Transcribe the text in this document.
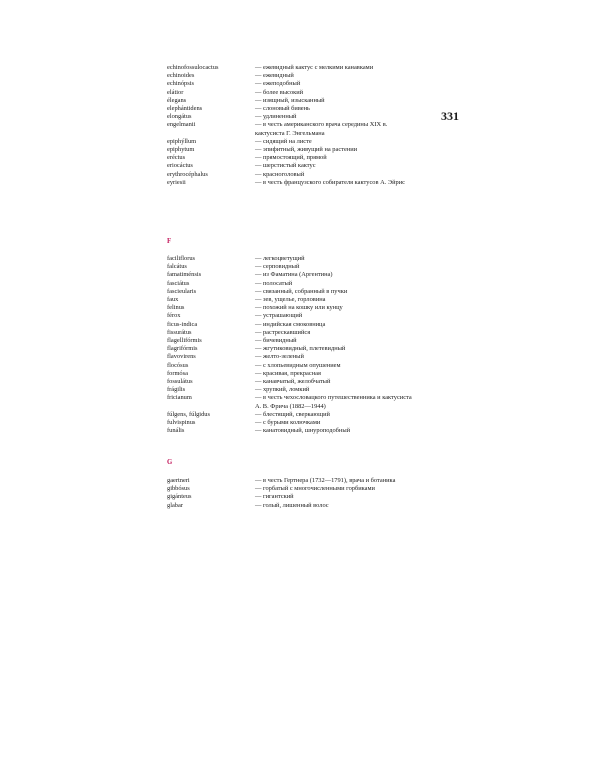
331
echinofossulocactus	— ежевидный кактус с мелкими канавками
echinoides	— ежевидный
echinópsis	— ежеподобный
elátior	— более высокий
élegans	— изящный, изысканный
elephántidens	— слоновый бивень
elongátus	— удлиненный
engelmanii	— в честь американского врача середины XIX в. кактусиста Г. Энгельмана
epiphýllum	— сидящий на листе
epiphytum	— эпифитный, живущий на растении
eréctus	— прямостоящий, прямой
eriocáctus	— шерстистый кактус
erythrocéphalus	— красноголовый
eyriesii	— в честь французского собирателя кактусов А. Эйрис
F
faciliflorus	— легкоцветущий
falcátus	— серповидный
famatiménsis	— из Фаматина (Аргентина)
fasciátus	— полосатый
fascieularis	— связанный, собранный в пучки
faux	— зев, ущелье, горловина
felinus	— похожий на кошку или кунцу
férox	— устрашающий
ficus-indica	— индийская смоковница
fissurátus	— растрескавшийся
flagellifórmis	— бичевидный
flagrifórmis	— жгутиковидный, плетевидный
flavovirens	— желто-зеленый
flocósus	— с хлопьевидным опушением
formósa	— красивая, прекрасная
fossulátus	— канавчатый, желобчатый
frágilis	— хрупкий, ломкий
fricianum	— в честь чехословацкого путешественника и кактусиста А. В. Фрича (1882—1944)
fúlgens, fúlgidus	— блестящий, сверкающий
fulvispinus	— с бурыми колючками
funális	— канатовидный, шнуроподобный
G
gaertneri	— в честь Гертнера (1732—1791), врача и ботаника
gibbósus	— горбатый с многочисленными горбиками
gigánteus	— гигантский
glabar	— голый, лишенный волос
